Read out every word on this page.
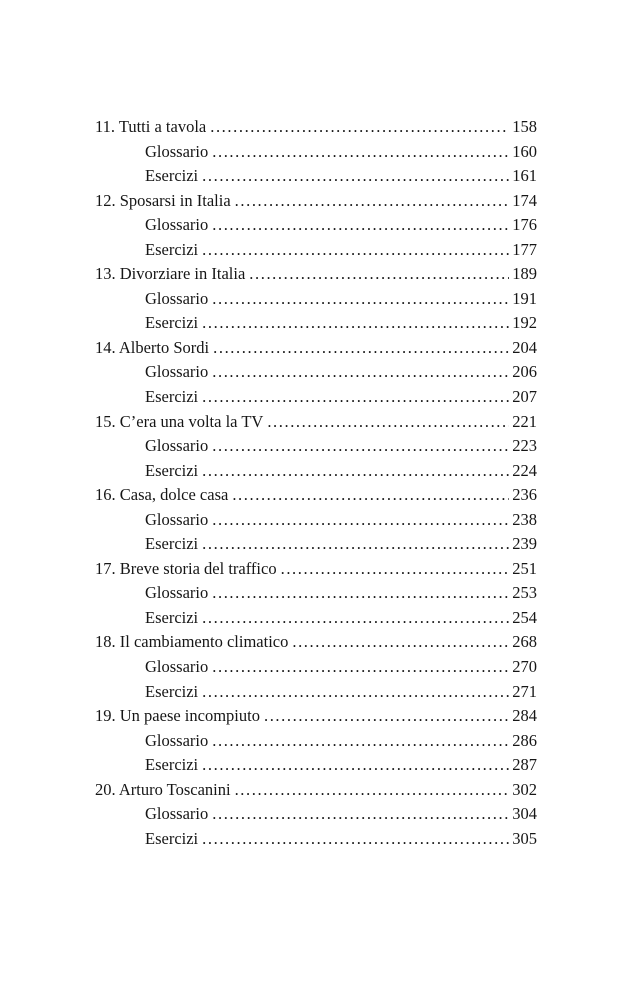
11. Tutti a tavola .....	158
Glossario .....	160
Esercizi .....	161
12. Sposarsi in Italia .....	174
Glossario .....	176
Esercizi .....	177
13. Divorziare in Italia .....	189
Glossario .....	191
Esercizi .....	192
14. Alberto Sordi .....	204
Glossario .....	206
Esercizi .....	207
15. C’era una volta la TV .....	221
Glossario .....	223
Esercizi .....	224
16. Casa, dolce casa .....	236
Glossario .....	238
Esercizi .....	239
17. Breve storia del traffico .....	251
Glossario .....	253
Esercizi .....	254
18. Il cambiamento climatico .....	268
Glossario .....	270
Esercizi .....	271
19. Un paese incompiuto .....	284
Glossario .....	286
Esercizi .....	287
20. Arturo Toscanini .....	302
Glossario .....	304
Esercizi .....	305
